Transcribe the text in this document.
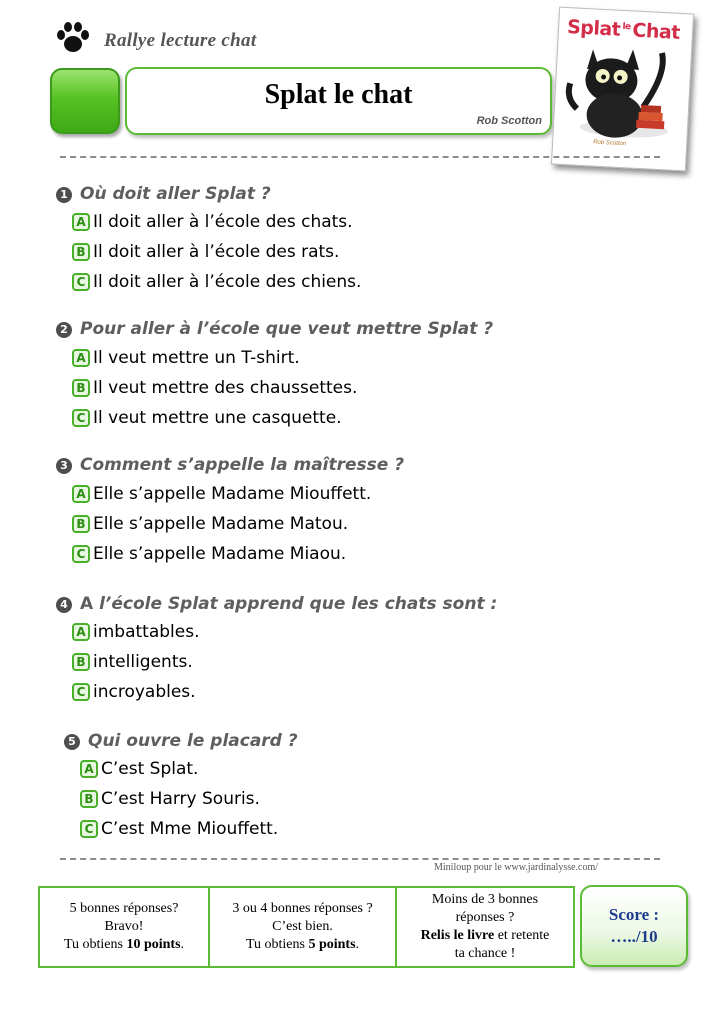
Rallye lecture chat
Splat le chat
Rob Scotton
Splat$^{le}$Chat
Rob Scotton
1 Où doit aller Splat ?
A Il doit aller à l’école des chats.
B Il doit aller à l’école des rats.
C Il doit aller à l’école des chiens.
2 Pour aller à l’école que veut mettre Splat ?
A Il veut mettre un T-shirt.
B Il veut mettre des chaussettes.
C Il veut mettre une casquette.
3 Comment s’appelle la maîtresse ?
A Elle s’appelle Madame Miouffett.
B Elle s’appelle Madame Matou.
C Elle s’appelle Madame Miaou.
4 A l’école Splat apprend que les chats sont :
A imbattables.
B intelligents.
C incroyables.
5 Qui ouvre le placard ?
A C’est Splat.
B C’est Harry Souris.
C C’est Mme Miouffett.
Miniloup pour le www.jardinalysse.com/
5 bonnes réponses?
Bravo!
Tu obtiens 10 points.
3 ou 4 bonnes réponses ?
C’est bien.
Tu obtiens 5 points.
Moins de 3 bonnes
réponses ?
Relis le livre et retente
ta chance !
Score :
…../10
